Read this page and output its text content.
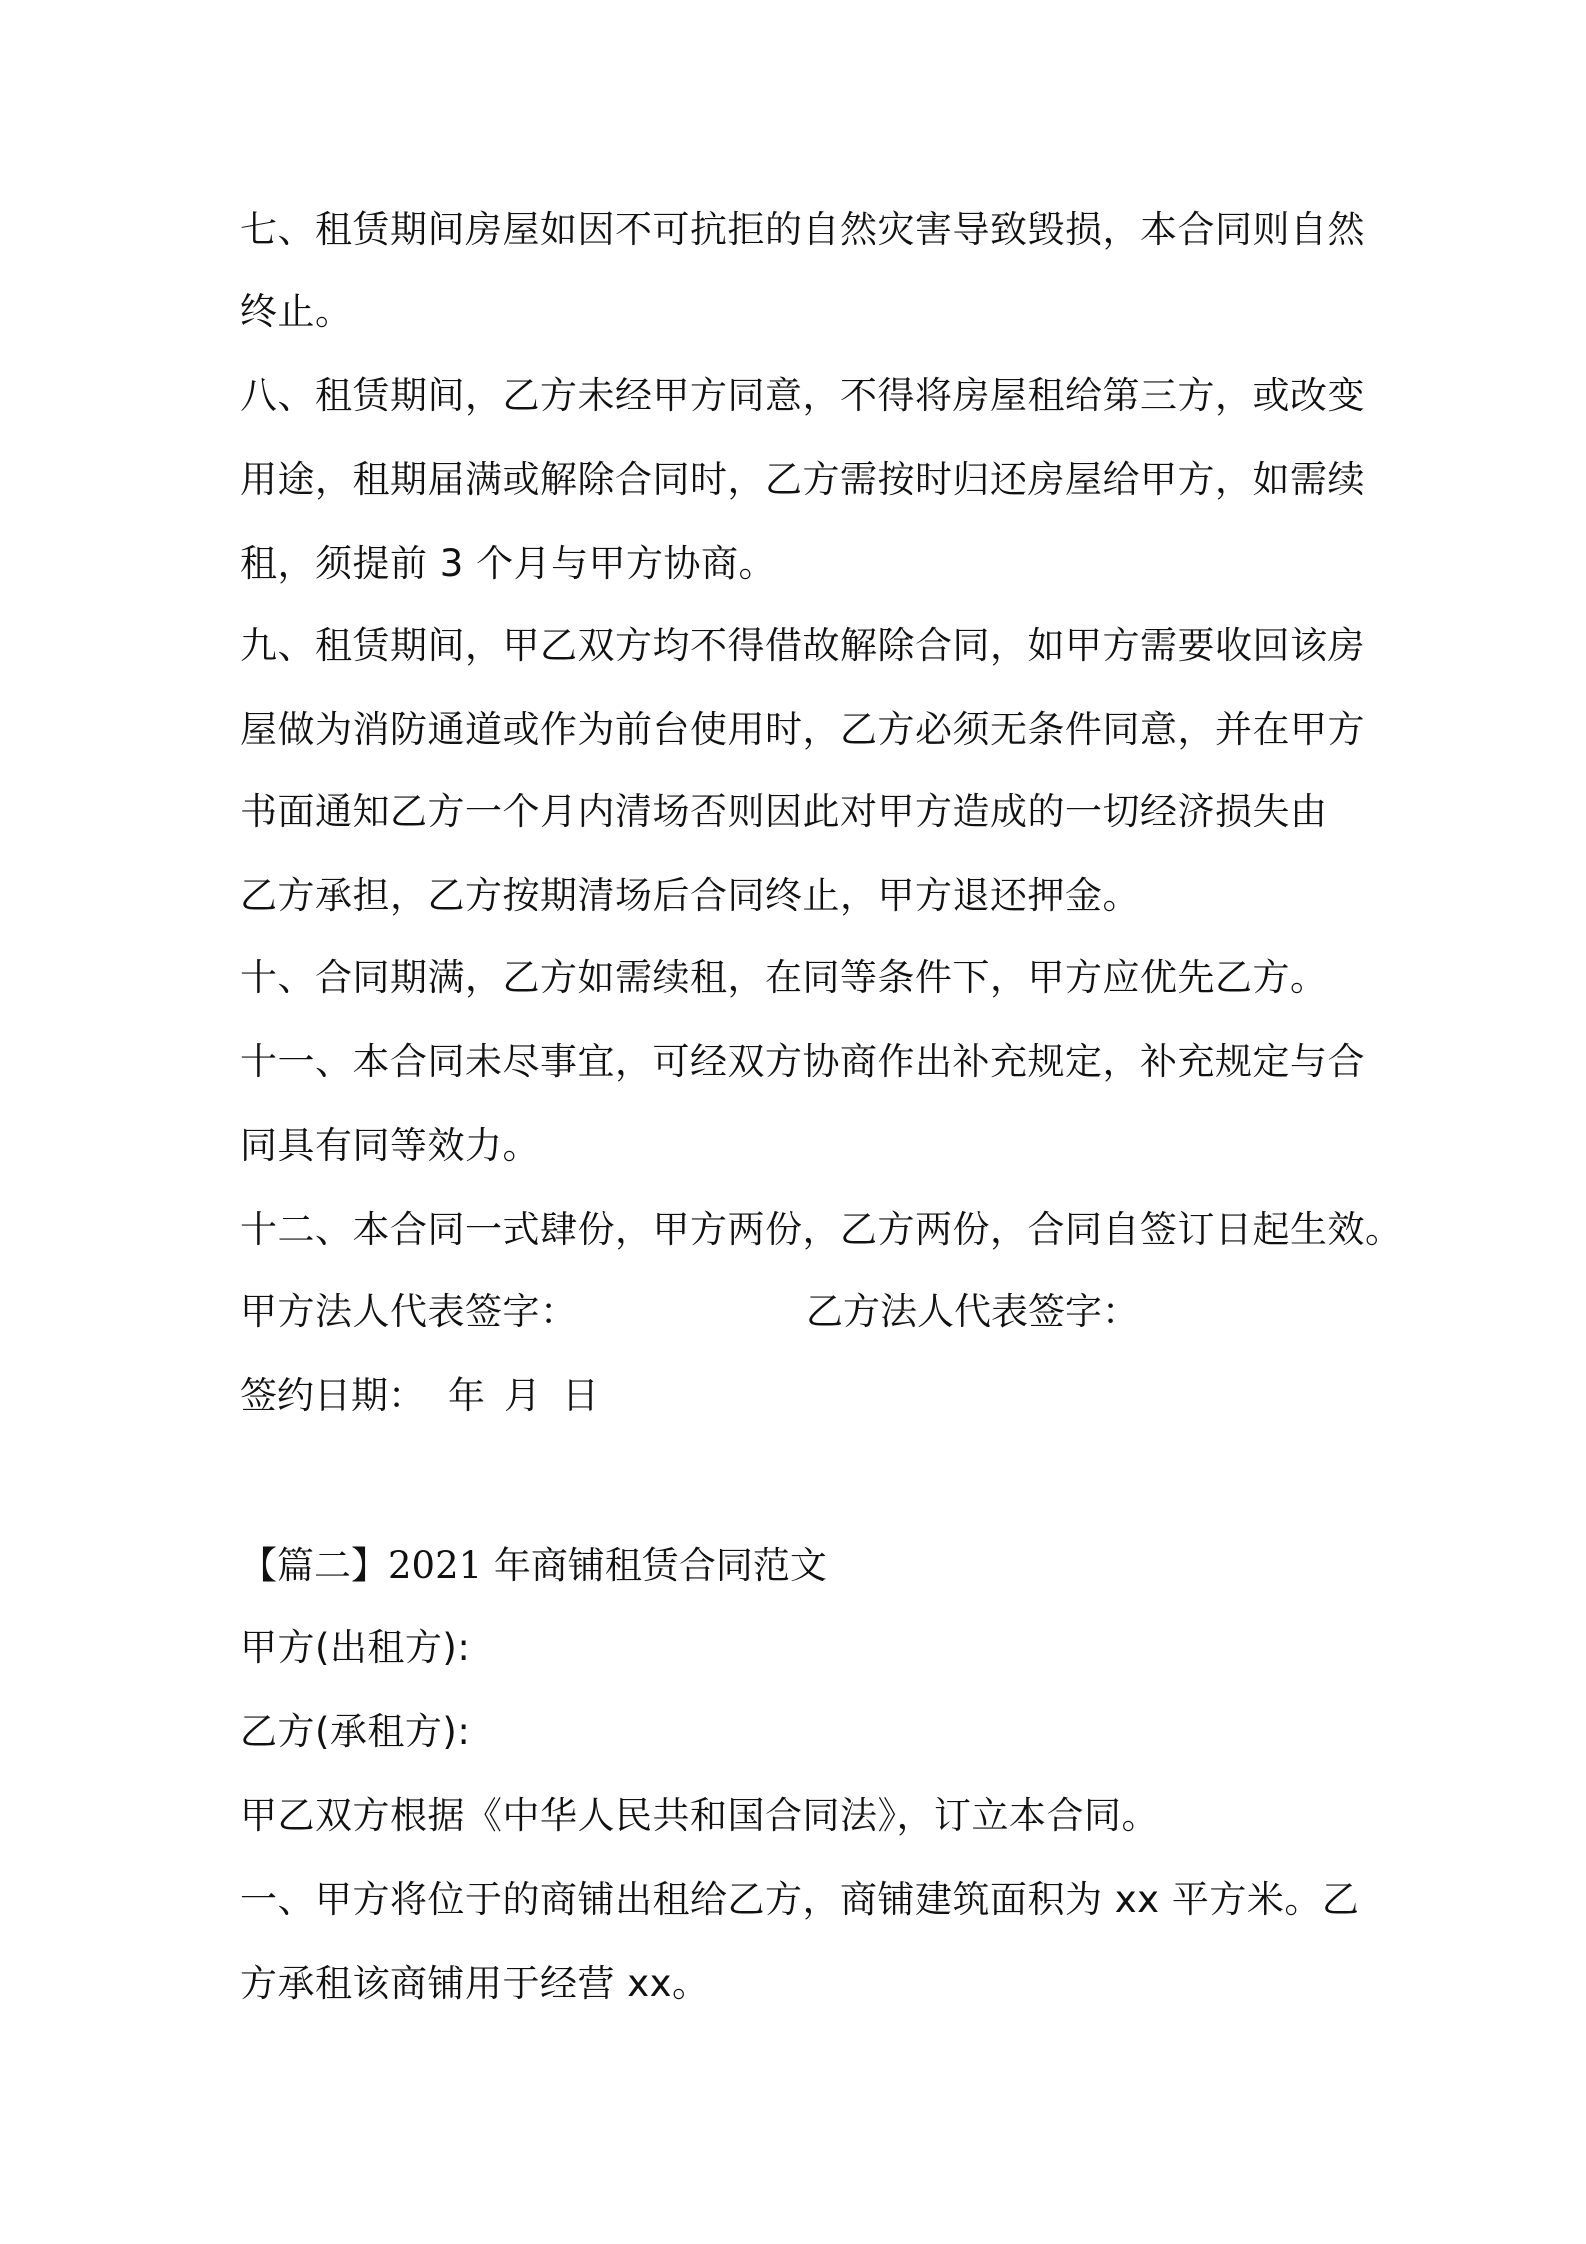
七、租赁期间房屋如因不可抗拒的自然灾害导致毁损，本合同则自然
终止。
八、租赁期间，乙方未经甲方同意，不得将房屋租给第三方，或改变
用途，租期届满或解除合同时，乙方需按时归还房屋给甲方，如需续
租，须提前 3 个月与甲方协商。
九、租赁期间，甲乙双方均不得借故解除合同，如甲方需要收回该房
屋做为消防通道或作为前台使用时，乙方必须无条件同意，并在甲方
书面通知乙方一个月内清场否则因此对甲方造成的一切经济损失由
乙方承担，乙方按期清场后合同终止，甲方退还押金。
十、合同期满，乙方如需续租，在同等条件下，甲方应优先乙方。
十一、本合同未尽事宜，可经双方协商作出补充规定，补充规定与合
同具有同等效力。
十二、本合同一式肆份，甲方两份，乙方两份，合同自签订日起生效。
甲方法人代表签字：	乙方法人代表签字：
签约日期： 年 月 日
【篇二】2021 年商铺租赁合同范文
甲方(出租方):
乙方(承租方):
甲乙双方根据《中华人民共和国合同法》，订立本合同。
一、甲方将位于的商铺出租给乙方，商铺建筑面积为 xx 平方米。乙
方承租该商铺用于经营 xx。
